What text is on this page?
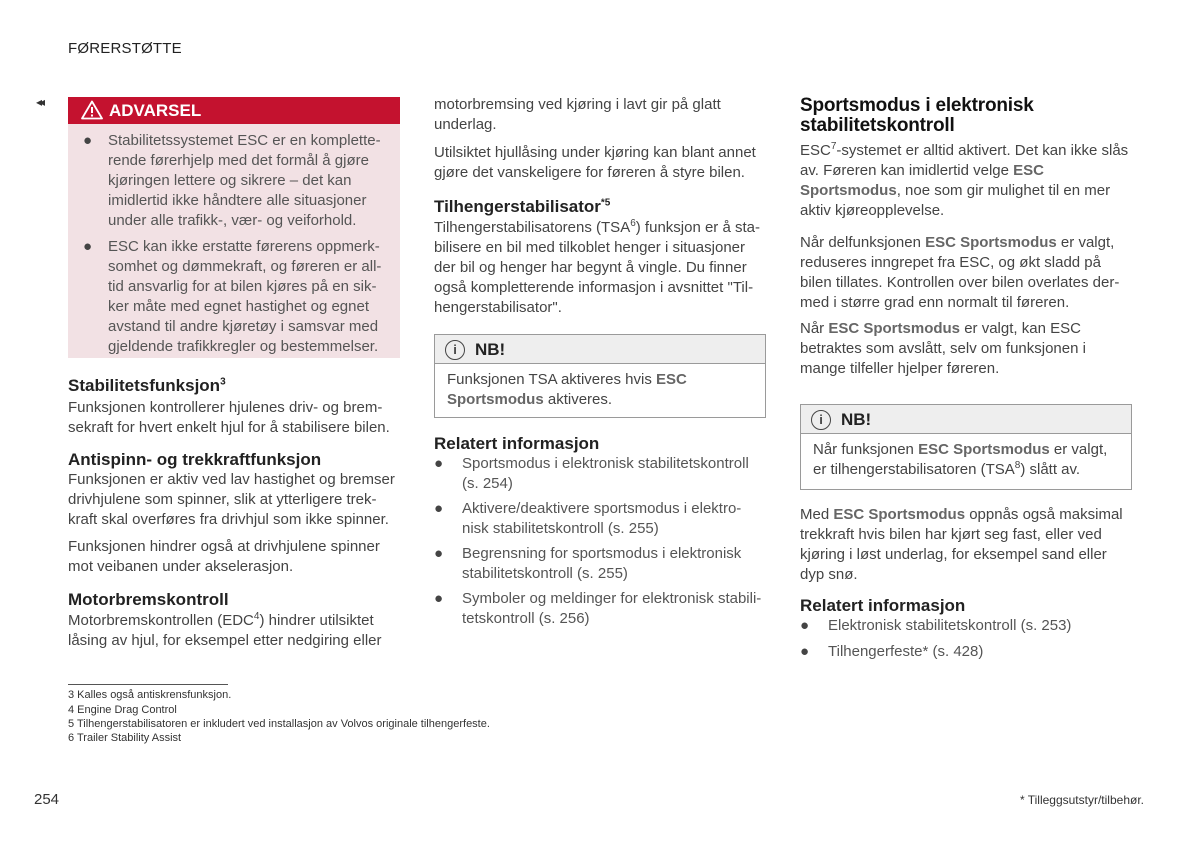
FØRERSTØTTE
◂◂	ADVARSEL
● Stabilitetssystemet ESC er en komplette-rende førerhjelp med det formål å gjøre kjøringen lettere og sikrere – det kan imidlertid ikke håndtere alle situasjoner under alle trafikk-, vær- og veiforhold.
● ESC kan ikke erstatte førerens oppmerk-somhet og dømmekraft, og føreren er all-tid ansvarlig for at bilen kjøres på en sik-ker måte med egnet hastighet og egnet avstand til andre kjøretøy i samsvar med gjeldende trafikkregler og bestemmelser.
Stabilitetsfunksjon$^3$

Funksjonen kontrollerer hjulenes driv- og brem-sekraft for hvert enkelt hjul for å stabilisere bilen.

Antispinn- og trekkraftfunksjon

Funksjonen er aktiv ved lav hastighet og bremser drivhjulene som spinner, slik at ytterligere trek-kraft skal overføres fra drivhjul som ikke spinner.

Funksjonen hindrer også at drivhjulene spinner mot veibanen under akselerasjon.

Motorbremskontroll

Motorbremskontrollen (EDC$^4$) hindrer utilsiktet låsing av hjul, for eksempel etter nedgiring eller

motorbremsing ved kjøring i lavt gir på glatt underlag.

Utilsiktet hjullåsing under kjøring kan blant annet gjøre det vanskeligere for føreren å styre bilen.

Tilhengerstabilisator$^{*5}$

Tilhengerstabilisatorens (TSA$^6$) funksjon er å sta-bilisere en bil med tilkoblet henger i situasjoner der bil og henger har begynt å vingle. Du finner også kompletterende informasjon i avsnittet "Til-hengerstabilisator".

i	NB!
Funksjonen TSA aktiveres hvis ESC Sportsmodus aktiveres.
Relatert informasjon
● Sportsmodus i elektronisk stabilitetskontroll (s. 254)
● Aktivere/deaktivere sportsmodus i elektro-nisk stabilitetskontroll (s. 255)
● Begrensning for sportsmodus i elektronisk stabilitetskontroll (s. 255)
● Symboler og meldinger for elektronisk stabili-tetskontroll (s. 256)
Sportsmodus i elektronisk stabilitetskontroll

ESC$^7$-systemet er alltid aktivert. Det kan ikke slås av. Føreren kan imidlertid velge ESC Sportsmodus, noe som gir mulighet til en mer aktiv kjøreopplevelse.

Når delfunksjonen ESC Sportsmodus er valgt, reduseres inngrepet fra ESC, og økt sladd på bilen tillates. Kontrollen over bilen overlates der-med i større grad enn normalt til føreren.

Når ESC Sportsmodus er valgt, kan ESC betraktes som avslått, selv om funksjonen i mange tilfeller hjelper føreren.

i	NB!
Når funksjonen ESC Sportsmodus er valgt, er tilhengerstabilisatoren (TSA$^8$) slått av.

Med ESC Sportsmodus oppnås også maksimal trekkraft hvis bilen har kjørt seg fast, eller ved kjøring i løst underlag, for eksempel sand eller dyp snø.

Relatert informasjon
● Elektronisk stabilitetskontroll (s. 253)
● Tilhengerfeste* (s. 428)
3 Kalles også antiskrensfunksjon.
4 Engine Drag Control
5 Tilhengerstabilisatoren er inkludert ved installasjon av Volvos originale tilhengerfeste.
6 Trailer Stability Assist
254	* Tilleggsutstyr/tilbehør.
